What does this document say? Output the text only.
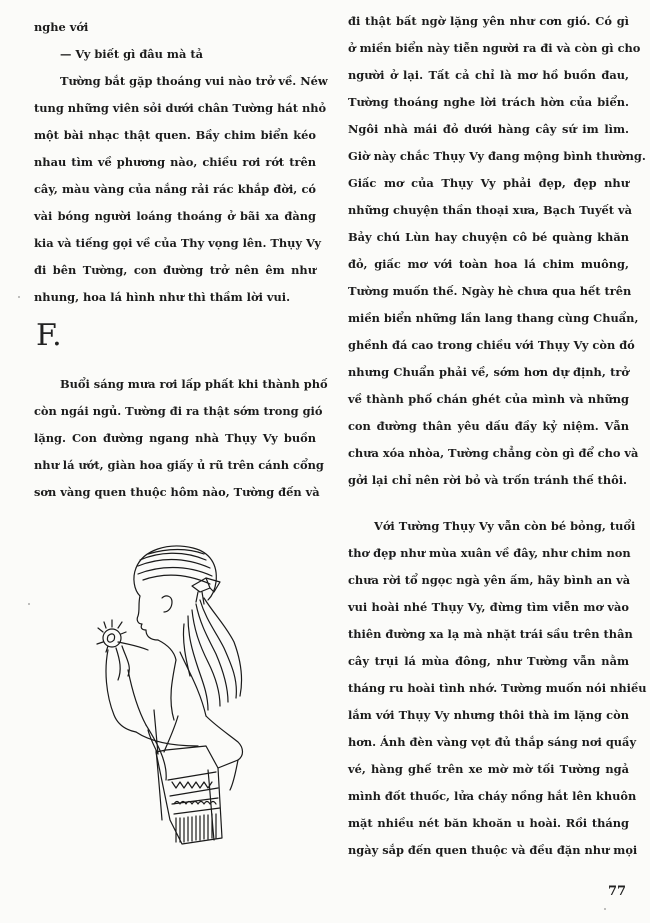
nghe với
— Vy biết gì đâu mà tả
Tường bắt gặp thoáng vui nào trở về. Néw
tung những viên sỏi dưới chân Tường hát nhỏ
một bài nhạc thật quen. Bầy chim biển kéo
nhau tìm về phương nào, chiều rơi rớt trên
cây, màu vàng của nắng rải rác khắp đời, có
vài bóng người loáng thoáng ở bãi xa đàng
kia và tiếng gọi về của Thy vọng lên. Thụy Vy
đi bên Tường, con đường trở nên êm như
nhung, hoa lá hình như thì thầm lời vui.
F.
Buổi sáng mưa rơi lấp phất khi thành phố
còn ngái ngủ. Tường đi ra thật sớm trong gió
lặng. Con đường ngang nhà Thụy Vy buồn
như lá ướt, giàn hoa giấy ủ rũ trên cánh cổng
sơn vàng quen thuộc hôm nào, Tường đến và
đi thật bất ngờ lặng yên như cơn gió. Có gì
ở miền biển này tiễn người ra đi và còn gì cho
người ở lại. Tất cả chỉ là mơ hồ buồn đau,
Tường thoáng nghe lời trách hờn của biển.
Ngôi nhà mái đỏ dưới hàng cây sứ im lìm.
Giờ này chắc Thụy Vy đang mộng bình thường.
Giấc mơ của Thụy Vy phải đẹp, đẹp như
những chuyện thần thoại xưa, Bạch Tuyết và
Bảy chú Lùn hay chuyện cô bé quàng khăn
đỏ, giấc mơ với toàn hoa lá chim muông,
Tường muốn thế. Ngày hè chưa qua hết trên
miền biển những lần lang thang cùng Chuẩn,
ghềnh đá cao trong chiều với Thụy Vy còn đó
nhưng Chuẩn phải về, sớm hơn dự định, trở
về thành phố chán ghét của mình và những
con đường thân yêu dấu đầy kỷ niệm. Vẫn
chưa xóa nhòa, Tường chẳng còn gì để cho và
gởi lại chỉ nên rời bỏ và trốn tránh thế thôi.
Với Tường Thụy Vy vẫn còn bé bỏng, tuổi
thơ đẹp như mùa xuân về đây, như chim non
chưa rời tổ ngọc ngà yên ấm, hãy bình an và
vui hoài nhé Thụy Vy, đừng tìm viễn mơ vào
thiên đường xa lạ mà nhặt trái sầu trên thân
cây trụi lá mùa đông, như Tường vẫn nằm
tháng ru hoài tình nhớ. Tường muốn nói nhiều
lắm với Thụy Vy nhưng thôi thà im lặng còn
hơn. Ánh đèn vàng vọt đủ thắp sáng nơi quầy
vé, hàng ghế trên xe mờ mờ tối Tường ngả
mình đốt thuốc, lửa cháy nồng hắt lên khuôn
mặt nhiều nét băn khoăn u hoài. Rồi tháng
ngày sắp đến quen thuộc và đều đặn như mọi
77
